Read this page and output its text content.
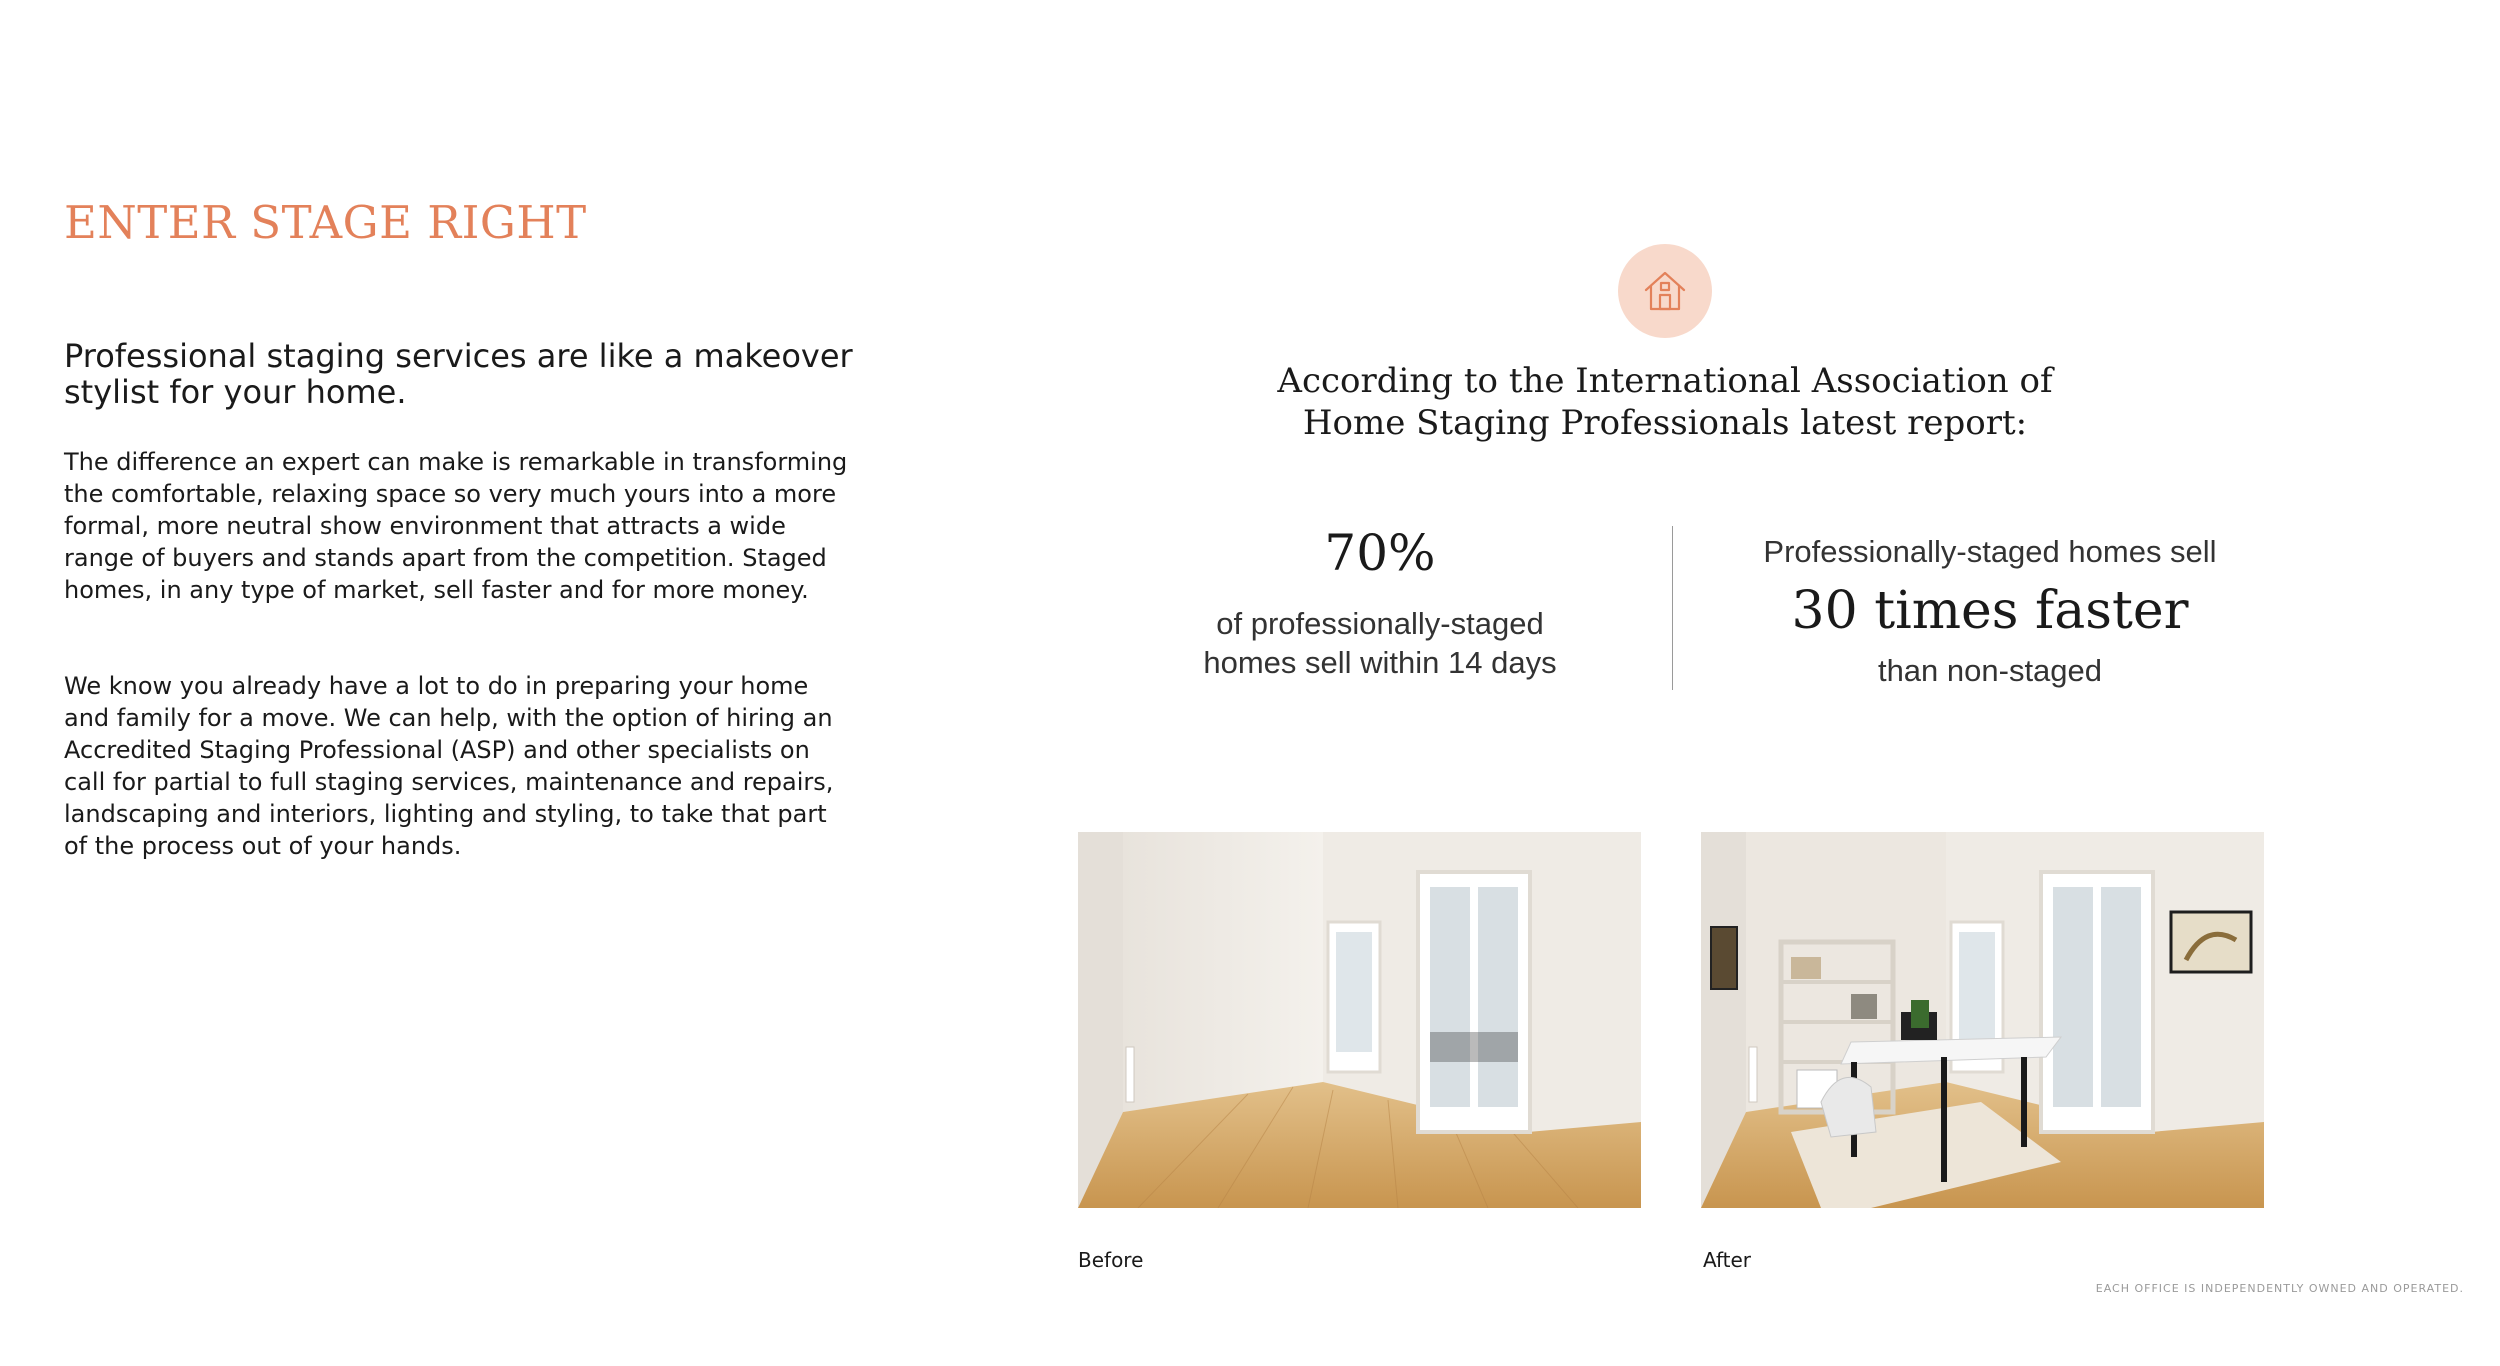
ENTER STAGE RIGHT

Professional staging services are like a makeover stylist for your home.

The difference an expert can make is remarkable in transforming the comfortable, relaxing space so very much yours into a more formal, more neutral show environment that attracts a wide range of buyers and stands apart from the competition. Staged homes, in any type of market, sell faster and for more money.

We know you already have a lot to do in preparing your home and family for a move. We can help, with the option of hiring an Accredited Staging Professional (ASP) and other specialists on call for partial to full staging services, maintenance and repairs, landscaping and interiors, lighting and styling, to take that part of the process out of your hands.

According to the International Association of
Home Staging Professionals latest report:

70%
of professionally-staged
homes sell within 14 days
Professionally-staged homes sell
30 times faster
than non-staged
Before	After
EACH OFFICE IS INDEPENDENTLY OWNED AND OPERATED.
